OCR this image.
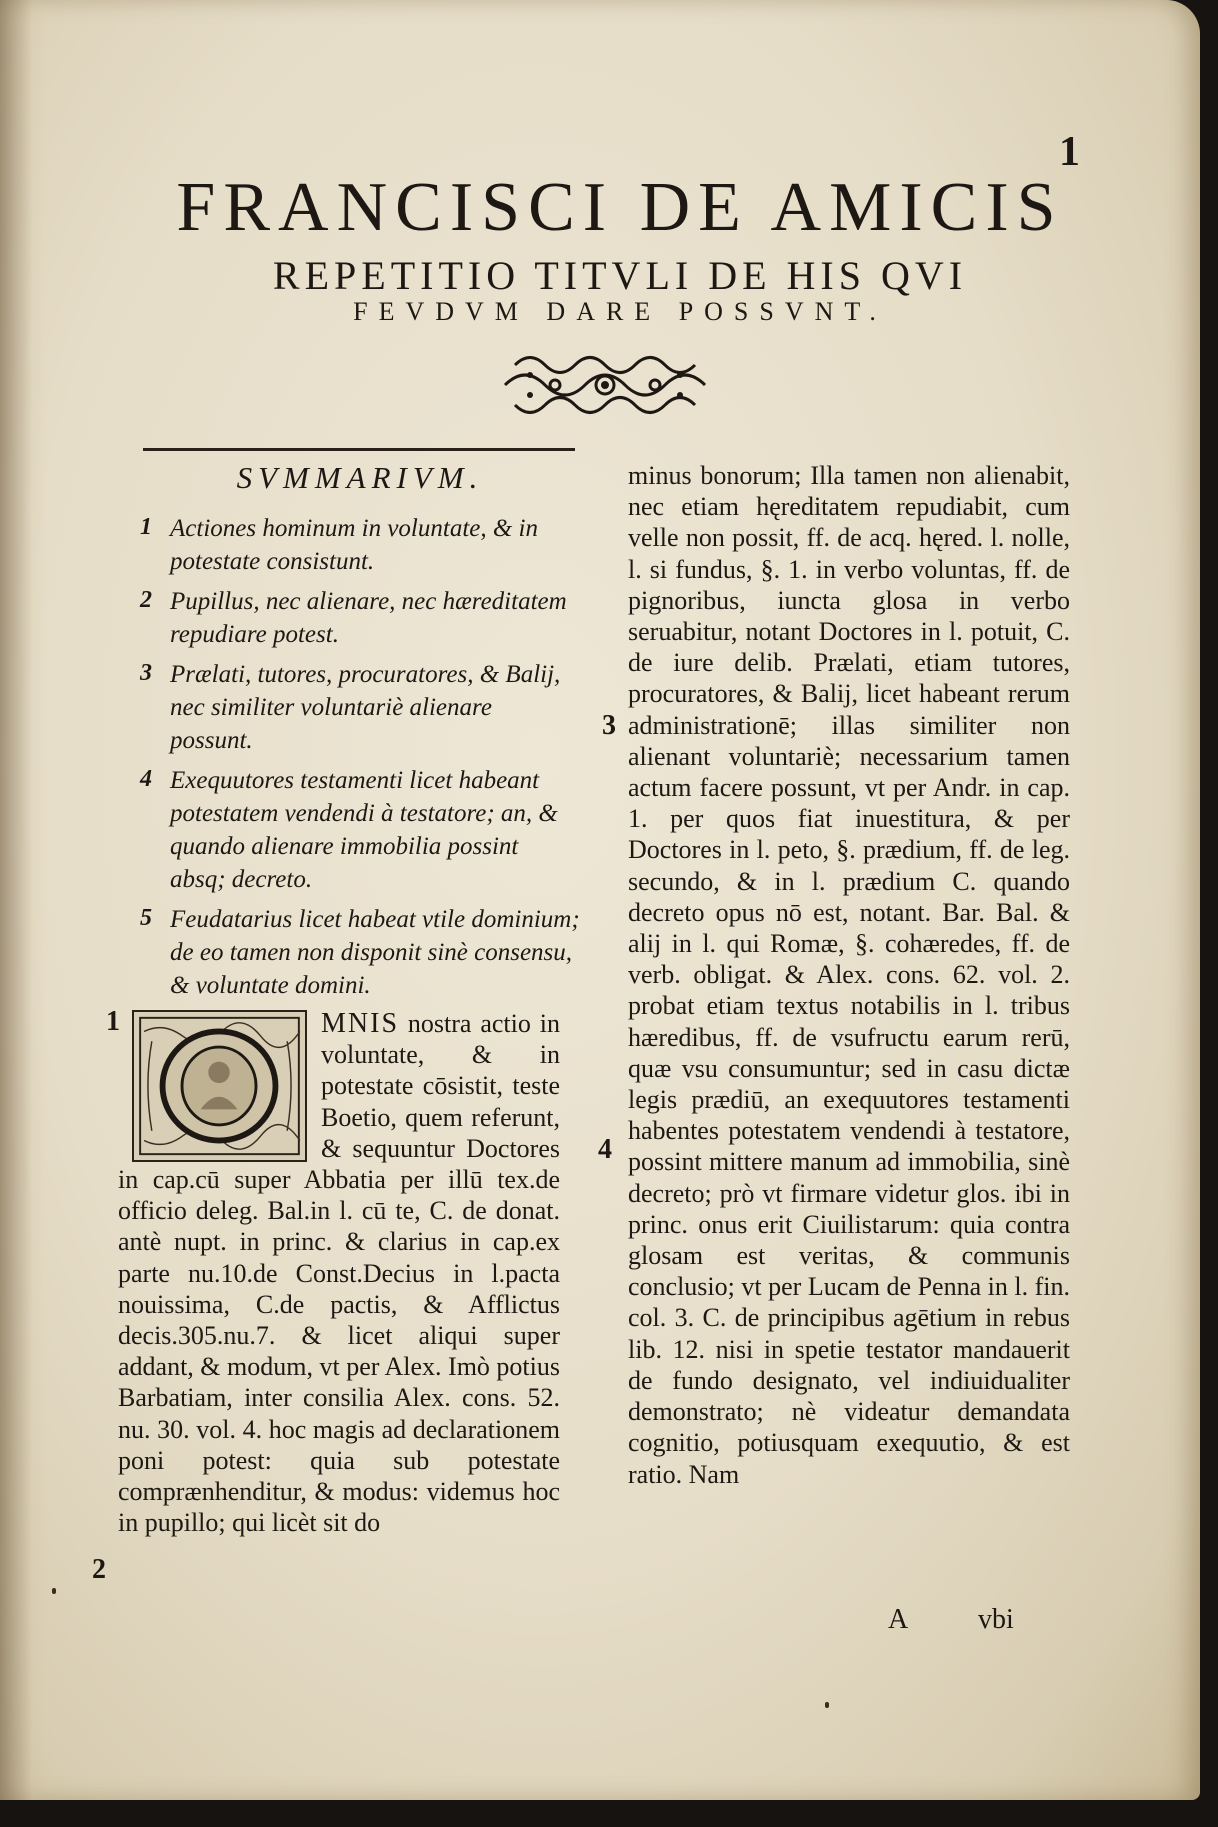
1
FRANCISCI DE AMICIS
REPETITIO TITVLI DE HIS QVI
FEVDVM DARE POSSVNT.
SVMMARIVM.
1 Actiones hominum in voluntate, & in potestate consistunt.
2 Pupillus, nec alienare, nec hæreditatem repudiare potest.
3 Prælati, tutores, procuratores, & Balij, nec similiter voluntariè alienare possunt.
4 Exequutores testamenti licet habeant potestatem vendendi à testatore; an, & quando alienare immobilia possint absq; decreto.
5 Feudatarius licet habeat vtile dominium; de eo tamen non disponit sinè consensu, & voluntate domini.
1
2
MNIS nostra actio in voluntate, & in potestate cōsistit, teste Boetio, quem referunt, & sequuntur Doctores in cap.cū super Abbatia per illū tex.de officio deleg. Bal.in l. cū te, C. de donat. antè nupt. in princ. & clarius in cap.ex parte nu.10.de Const.Decius in l.pacta nouissima, C.de pactis, & Afflictus decis.305.nu.7. & licet aliqui super addant, & modum, vt per Alex. Imò potius Barbatiam, inter consilia Alex. cons. 52. nu. 30. vol. 4. hoc magis ad declarationem poni potest: quia sub potestate comprænhenditur, & modus: videmus hoc in pupillo; qui licèt sit do
3
4
minus bonorum; Illa tamen non alienabit, nec etiam hęreditatem repudiabit, cum velle non possit, ff. de acq. hęred. l. nolle, l. si fundus, §. 1. in verbo voluntas, ff. de pignoribus, iuncta glosa in verbo seruabitur, notant Doctores in l. potuit, C. de iure delib. Prælati, etiam tutores, procuratores, & Balij, licet habeant rerum administrationē; illas similiter non alienant voluntariè; necessarium tamen actum facere possunt, vt per Andr. in cap. 1. per quos fiat inuestitura, & per Doctores in l. peto, §. prædium, ff. de leg. secundo, & in l. prædium C. quando decreto opus nō est, notant. Bar. Bal. & alij in l. qui Romæ, §. cohæredes, ff. de verb. obligat. & Alex. cons. 62. vol. 2. probat etiam textus notabilis in l. tribus hæredibus, ff. de vsufructu earum rerū, quæ vsu consumuntur; sed in casu dictæ legis prædiū, an exequutores testamenti habentes potestatem vendendi à testatore, possint mittere manum ad immobilia, sinè decreto; prò vt firmare videtur glos. ibi in princ. onus erit Ciuilistarum: quia contra glosam est veritas, & communis conclusio; vt per Lucam de Penna in l. fin. col. 3. C. de principibus agētium in rebus lib. 12. nisi in spetie testator mandauerit de fundo designato, vel indiuidualiter demonstrato; nè videatur demandata cognitio, potiusquam exequutio, & est ratio. Nam
A vbi
